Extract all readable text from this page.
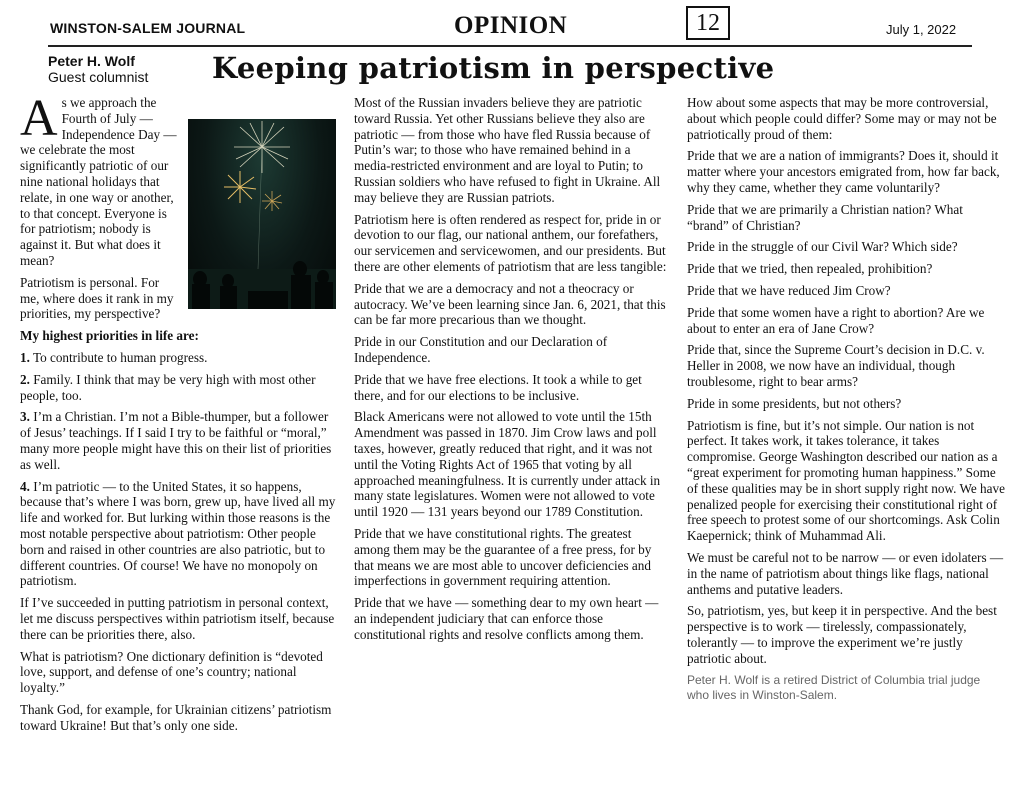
WINSTON-SALEM JOURNAL	OPINION	12	July 1, 2022
Peter H. Wolf
Guest columnist Keeping patriotism in perspective

As we approach the Fourth of July — Independence Day — we celebrate the most significantly patriotic of our nine national holidays that relate, in one way or another, to that concept. Everyone is for patriotism; nobody is against it. But what does it mean?

Patriotism is personal. For me, where does it rank in my priorities, my perspective?

My highest priorities in life are:

1. To contribute to human progress.

2. Family. I think that may be very high with most other people, too.

3. I’m a Christian. I’m not a Bible-thumper, but a follower of Jesus’ teachings. If I said I try to be faithful or “moral,” many more people might have this on their list of priorities as well.

4. I’m patriotic — to the United States, it so happens, because that’s where I was born, grew up, have lived all my life and worked for. But lurking within those reasons is the most notable perspective about patriotism: Other people born and raised in other countries are also patriotic, but to different countries. Of course! We have no monopoly on patriotism.

If I’ve succeeded in putting patriotism in personal context, let me discuss perspectives within patriotism itself, because there can be priorities there, also.

What is patriotism? One dictionary definition is “devoted love, support, and defense of one’s country; national loyalty.”

Thank God, for example, for Ukrainian citizens’ patriotism toward Ukraine! But that’s only one side.

Most of the Russian invaders believe they are patriotic toward Russia. Yet other Russians believe they also are patriotic — from those who have fled Russia because of Putin’s war; to those who have remained behind in a media-restricted environment and are loyal to Putin; to Russian soldiers who have refused to fight in Ukraine. All may believe they are Russian patriots.

Patriotism here is often rendered as respect for, pride in or devotion to our flag, our national anthem, our forefathers, our servicemen and servicewomen, and our presidents. But there are other elements of patriotism that are less tangible:

Pride that we are a democracy and not a theocracy or autocracy. We’ve been learning since Jan. 6, 2021, that this can be far more precarious than we thought.

Pride in our Constitution and our Declaration of Independence.

Pride that we have free elections. It took a while to get there, and for our elections to be inclusive.

Black Americans were not allowed to vote until the 15th Amendment was passed in 1870. Jim Crow laws and poll taxes, however, greatly reduced that right, and it was not until the Voting Rights Act of 1965 that voting by all approached meaningfulness. It is currently under attack in many state legislatures. Women were not allowed to vote until 1920 — 131 years beyond our 1789 Constitution.

Pride that we have constitutional rights. The greatest among them may be the guarantee of a free press, for by that means we are most able to uncover deficiencies and imperfections in government requiring attention.

Pride that we have — something dear to my own heart — an independent judiciary that can enforce those constitutional rights and resolve conflicts among them.

How about some aspects that may be more controversial, about which people could differ? Some may or may not be patriotically proud of them:

Pride that we are a nation of immigrants? Does it, should it matter where your ancestors emigrated from, how far back, why they came, whether they came voluntarily?

Pride that we are primarily a Christian nation? What “brand” of Christian?

Pride in the struggle of our Civil War? Which side?

Pride that we tried, then repealed, prohibition?

Pride that we have reduced Jim Crow?

Pride that some women have a right to abortion? Are we about to enter an era of Jane Crow?

Pride that, since the Supreme Court’s decision in D.C. v. Heller in 2008, we now have an individual, though troublesome, right to bear arms?

Pride in some presidents, but not others?

Patriotism is fine, but it’s not simple. Our nation is not perfect. It takes work, it takes tolerance, it takes compromise. George Washington described our nation as a “great experiment for promoting human happiness.” Some of these qualities may be in short supply right now. We have penalized people for exercising their constitutional right of free speech to protest some of our shortcomings. Ask Colin Kaepernick; think of Muhammad Ali.

We must be careful not to be narrow — or even idolaters — in the name of patriotism about things like flags, national anthems and putative leaders.

So, patriotism, yes, but keep it in perspective. And the best perspective is to work — tirelessly, compassionately, tolerantly — to improve the experiment we’re justly patriotic about.

Peter H. Wolf is a retired District of Columbia trial judge who lives in Winston-Salem.
